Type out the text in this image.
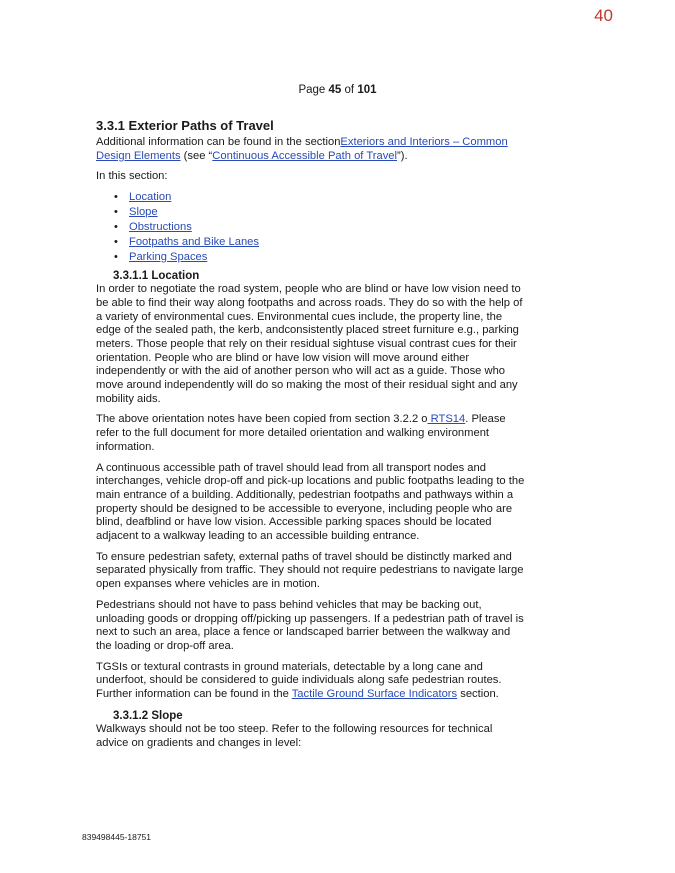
40
Page 45 of 101
3.3.1 Exterior Paths of Travel

Additional information can be found in the sectionExteriors and Interiors – Common Design Elements (see “Continuous Accessible Path of Travel”).

In this section:

• Location
• Slope
• Obstructions
• Footpaths and Bike Lanes
• Parking Spaces
3.3.1.1 Location

In order to negotiate the road system, people who are blind or have low vision need to be able to find their way along footpaths and across roads. They do so with the help of a variety of environmental cues. Environmental cues include, the property line, the edge of the sealed path, the kerb, andconsistently placed street furniture e.g., parking meters. Those people that rely on their residual sightuse visual contrast cues for their orientation. People who are blind or have low vision will move around either independently or with the aid of another person who will act as a guide. Those who move around independently will do so making the most of their residual sight and any mobility aids.

The above orientation notes have been copied from section 3.2.2 o RTS14. Please refer to the full document for more detailed orientation and walking environment information.

A continuous accessible path of travel should lead from all transport nodes and interchanges, vehicle drop-off and pick-up locations and public footpaths leading to the main entrance of a building. Additionally, pedestrian footpaths and pathways within a property should be designed to be accessible to everyone, including people who are blind, deafblind or have low vision. Accessible parking spaces should be located adjacent to a walkway leading to an accessible building entrance.

To ensure pedestrian safety, external paths of travel should be distinctly marked and separated physically from traffic. They should not require pedestrians to navigate large open expanses where vehicles are in motion.

Pedestrians should not have to pass behind vehicles that may be backing out, unloading goods or dropping off/picking up passengers. If a pedestrian path of travel is next to such an area, place a fence or landscaped barrier between the walkway and the loading or drop-off area.

TGSIs or textural contrasts in ground materials, detectable by a long cane and underfoot, should be considered to guide individuals along safe pedestrian routes. Further information can be found in the Tactile Ground Surface Indicators section.

3.3.1.2 Slope

Walkways should not be too steep. Refer to the following resources for technical advice on gradients and changes in level:

839498445-18751
